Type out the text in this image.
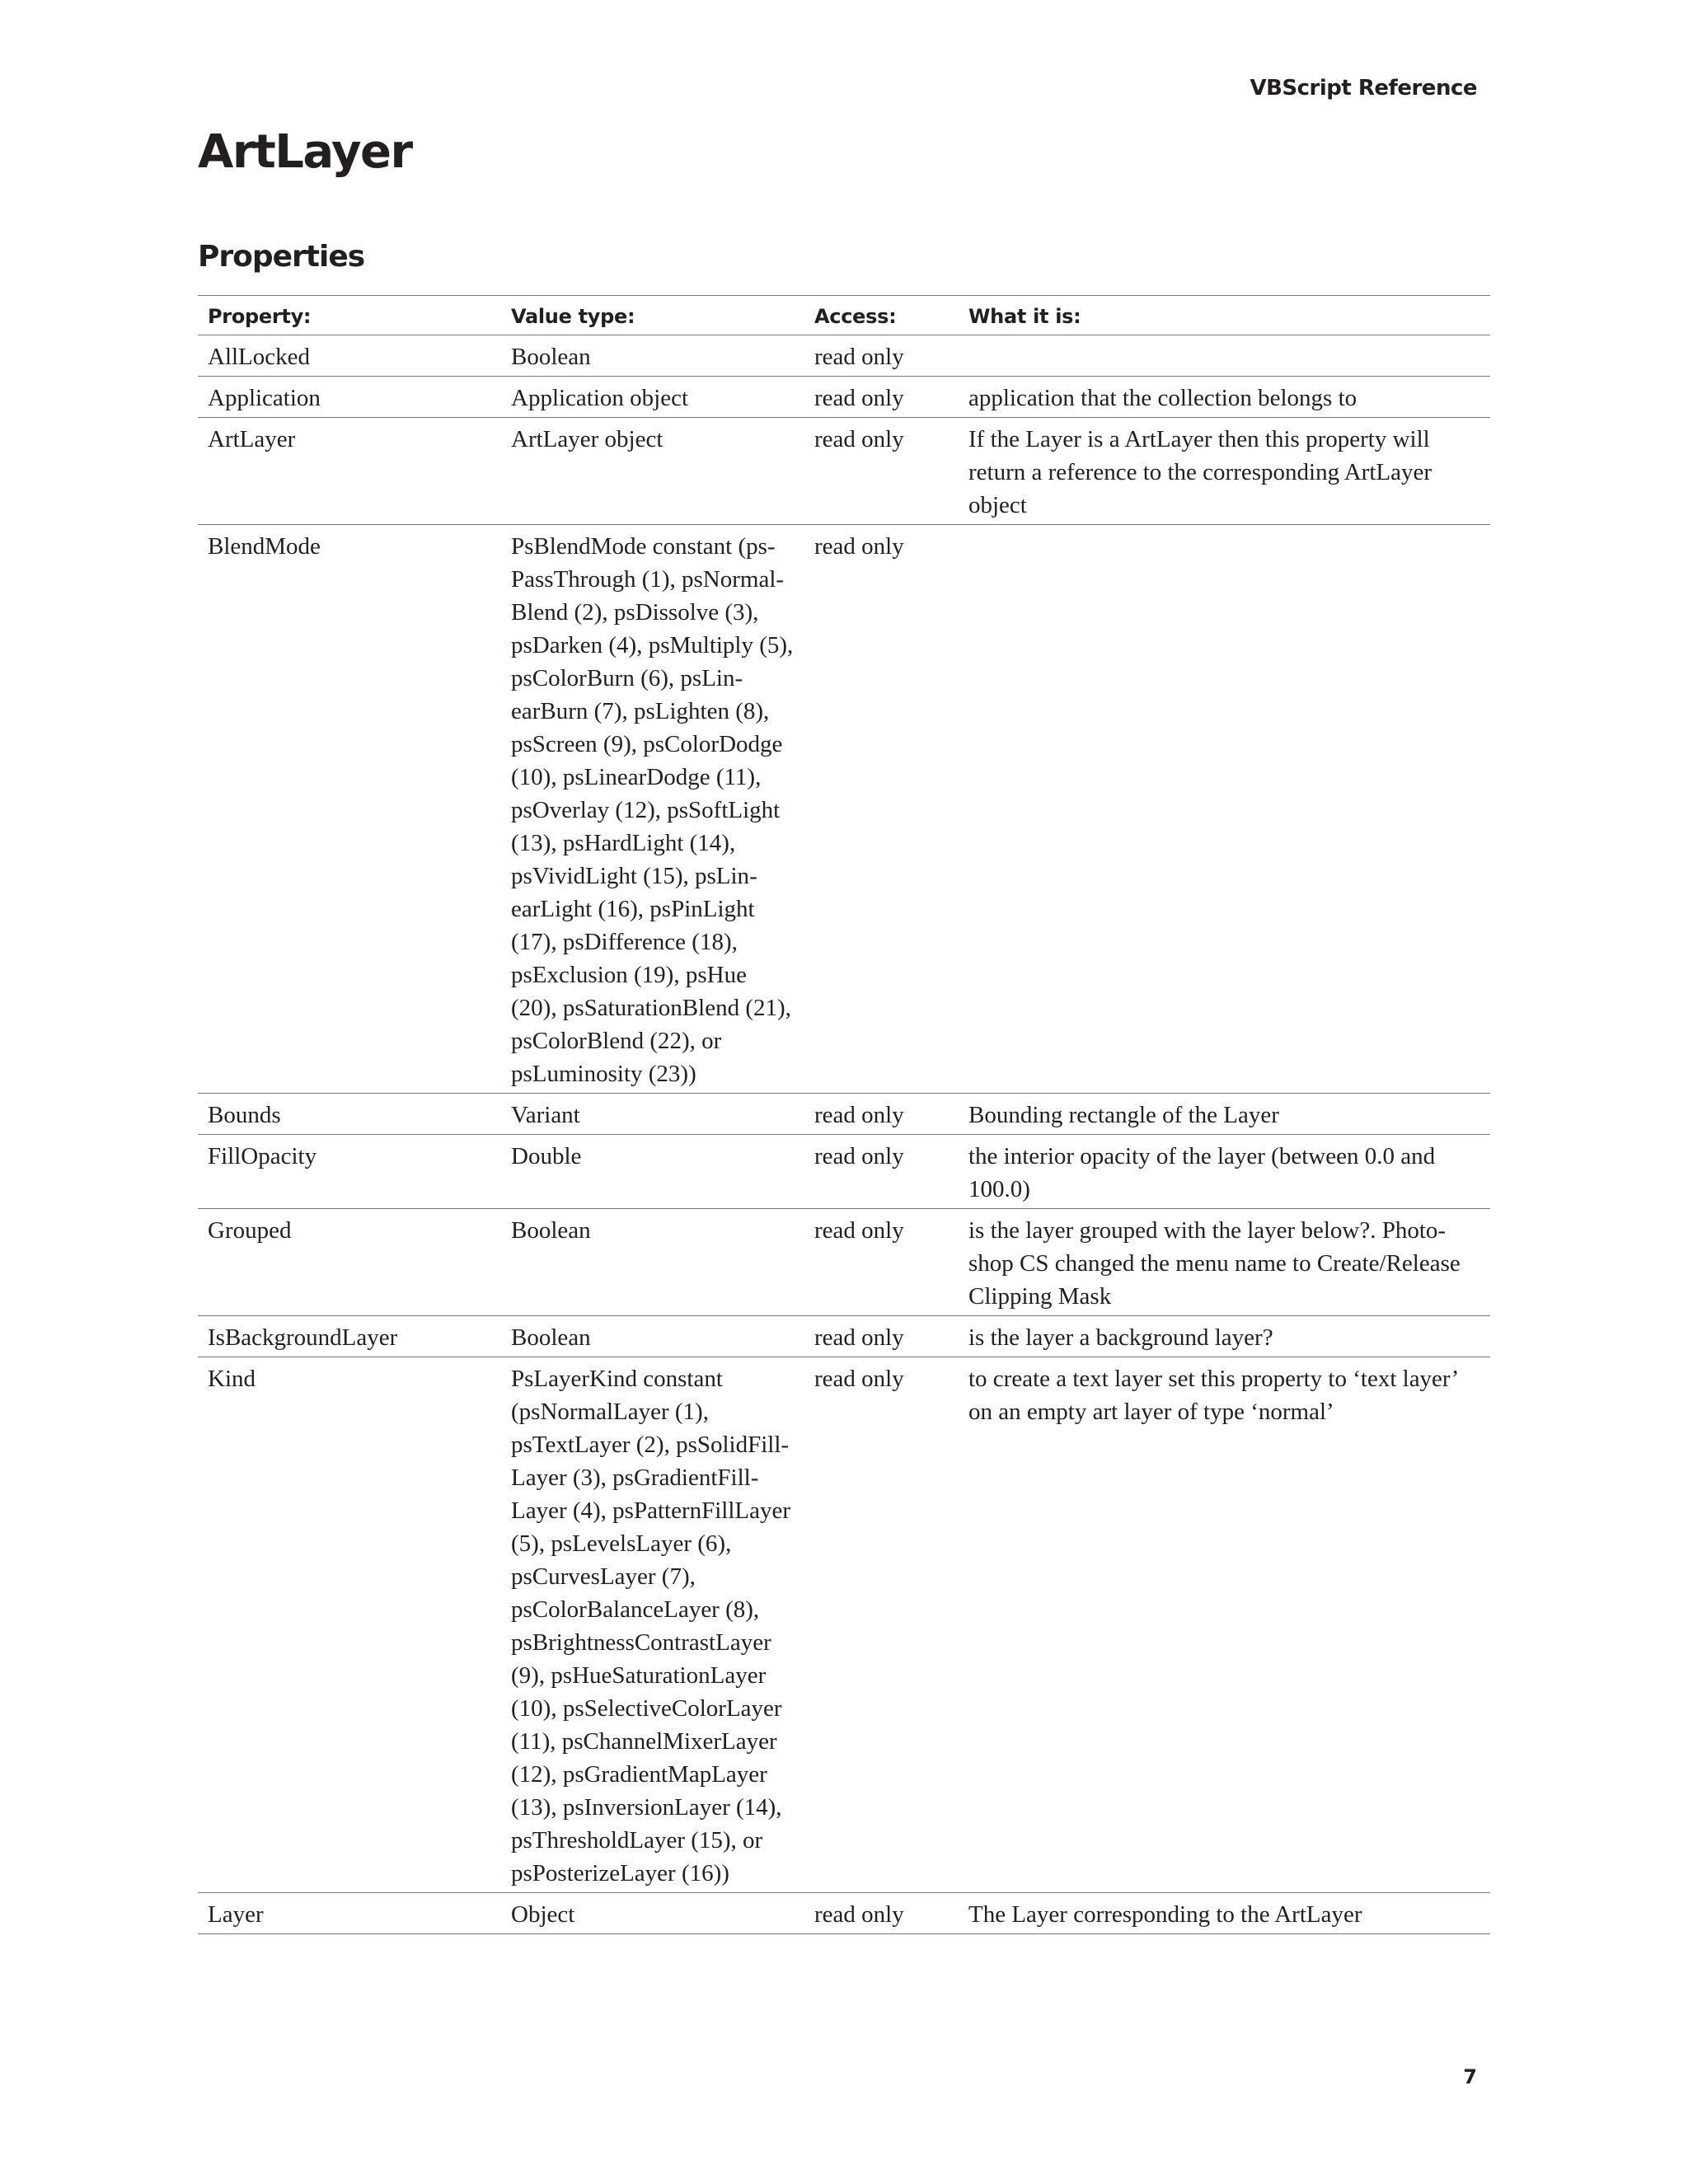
VBScript Reference
ArtLayer
Properties
Property:	Value type:	Access:	What it is:
AllLocked	Boolean	read only	
Application	Application object	read only	application that the collection belongs to
ArtLayer	ArtLayer object	read only	If the Layer is a ArtLayer then this property will return a reference to the corresponding ArtLayer object
BlendMode	PsBlendMode constant (psPassThrough (1), psNormalBlend (2), psDissolve (3), psDarken (4), psMultiply (5), psColorBurn (6), psLinearBurn (7), psLighten (8), psScreen (9), psColorDodge (10), psLinearDodge (11), psOverlay (12), psSoftLight (13), psHardLight (14), psVividLight (15), psLinearLight (16), psPinLight (17), psDifference (18), psExclusion (19), psHue (20), psSaturationBlend (21), psColorBlend (22), or psLuminosity (23))	read only	
Bounds	Variant	read only	Bounding rectangle of the Layer
FillOpacity	Double	read only	the interior opacity of the layer (between 0.0 and 100.0)
Grouped	Boolean	read only	is the layer grouped with the layer below?. Photoshop CS changed the menu name to Create/Release Clipping Mask
IsBackgroundLayer	Boolean	read only	is the layer a background layer?
Kind	PsLayerKind constant (psNormalLayer (1), psTextLayer (2), psSolidFillLayer (3), psGradientFillLayer (4), psPatternFillLayer (5), psLevelsLayer (6), psCurvesLayer (7), psColorBalanceLayer (8), psBrightnessContrastLayer (9), psHueSaturationLayer (10), psSelectiveColorLayer (11), psChannelMixerLayer (12), psGradientMapLayer (13), psInversionLayer (14), psThresholdLayer (15), or psPosterizeLayer (16))	read only	to create a text layer set this property to ‘text layer’ on an empty art layer of type ‘normal’
Layer	Object	read only	The Layer corresponding to the ArtLayer
7
